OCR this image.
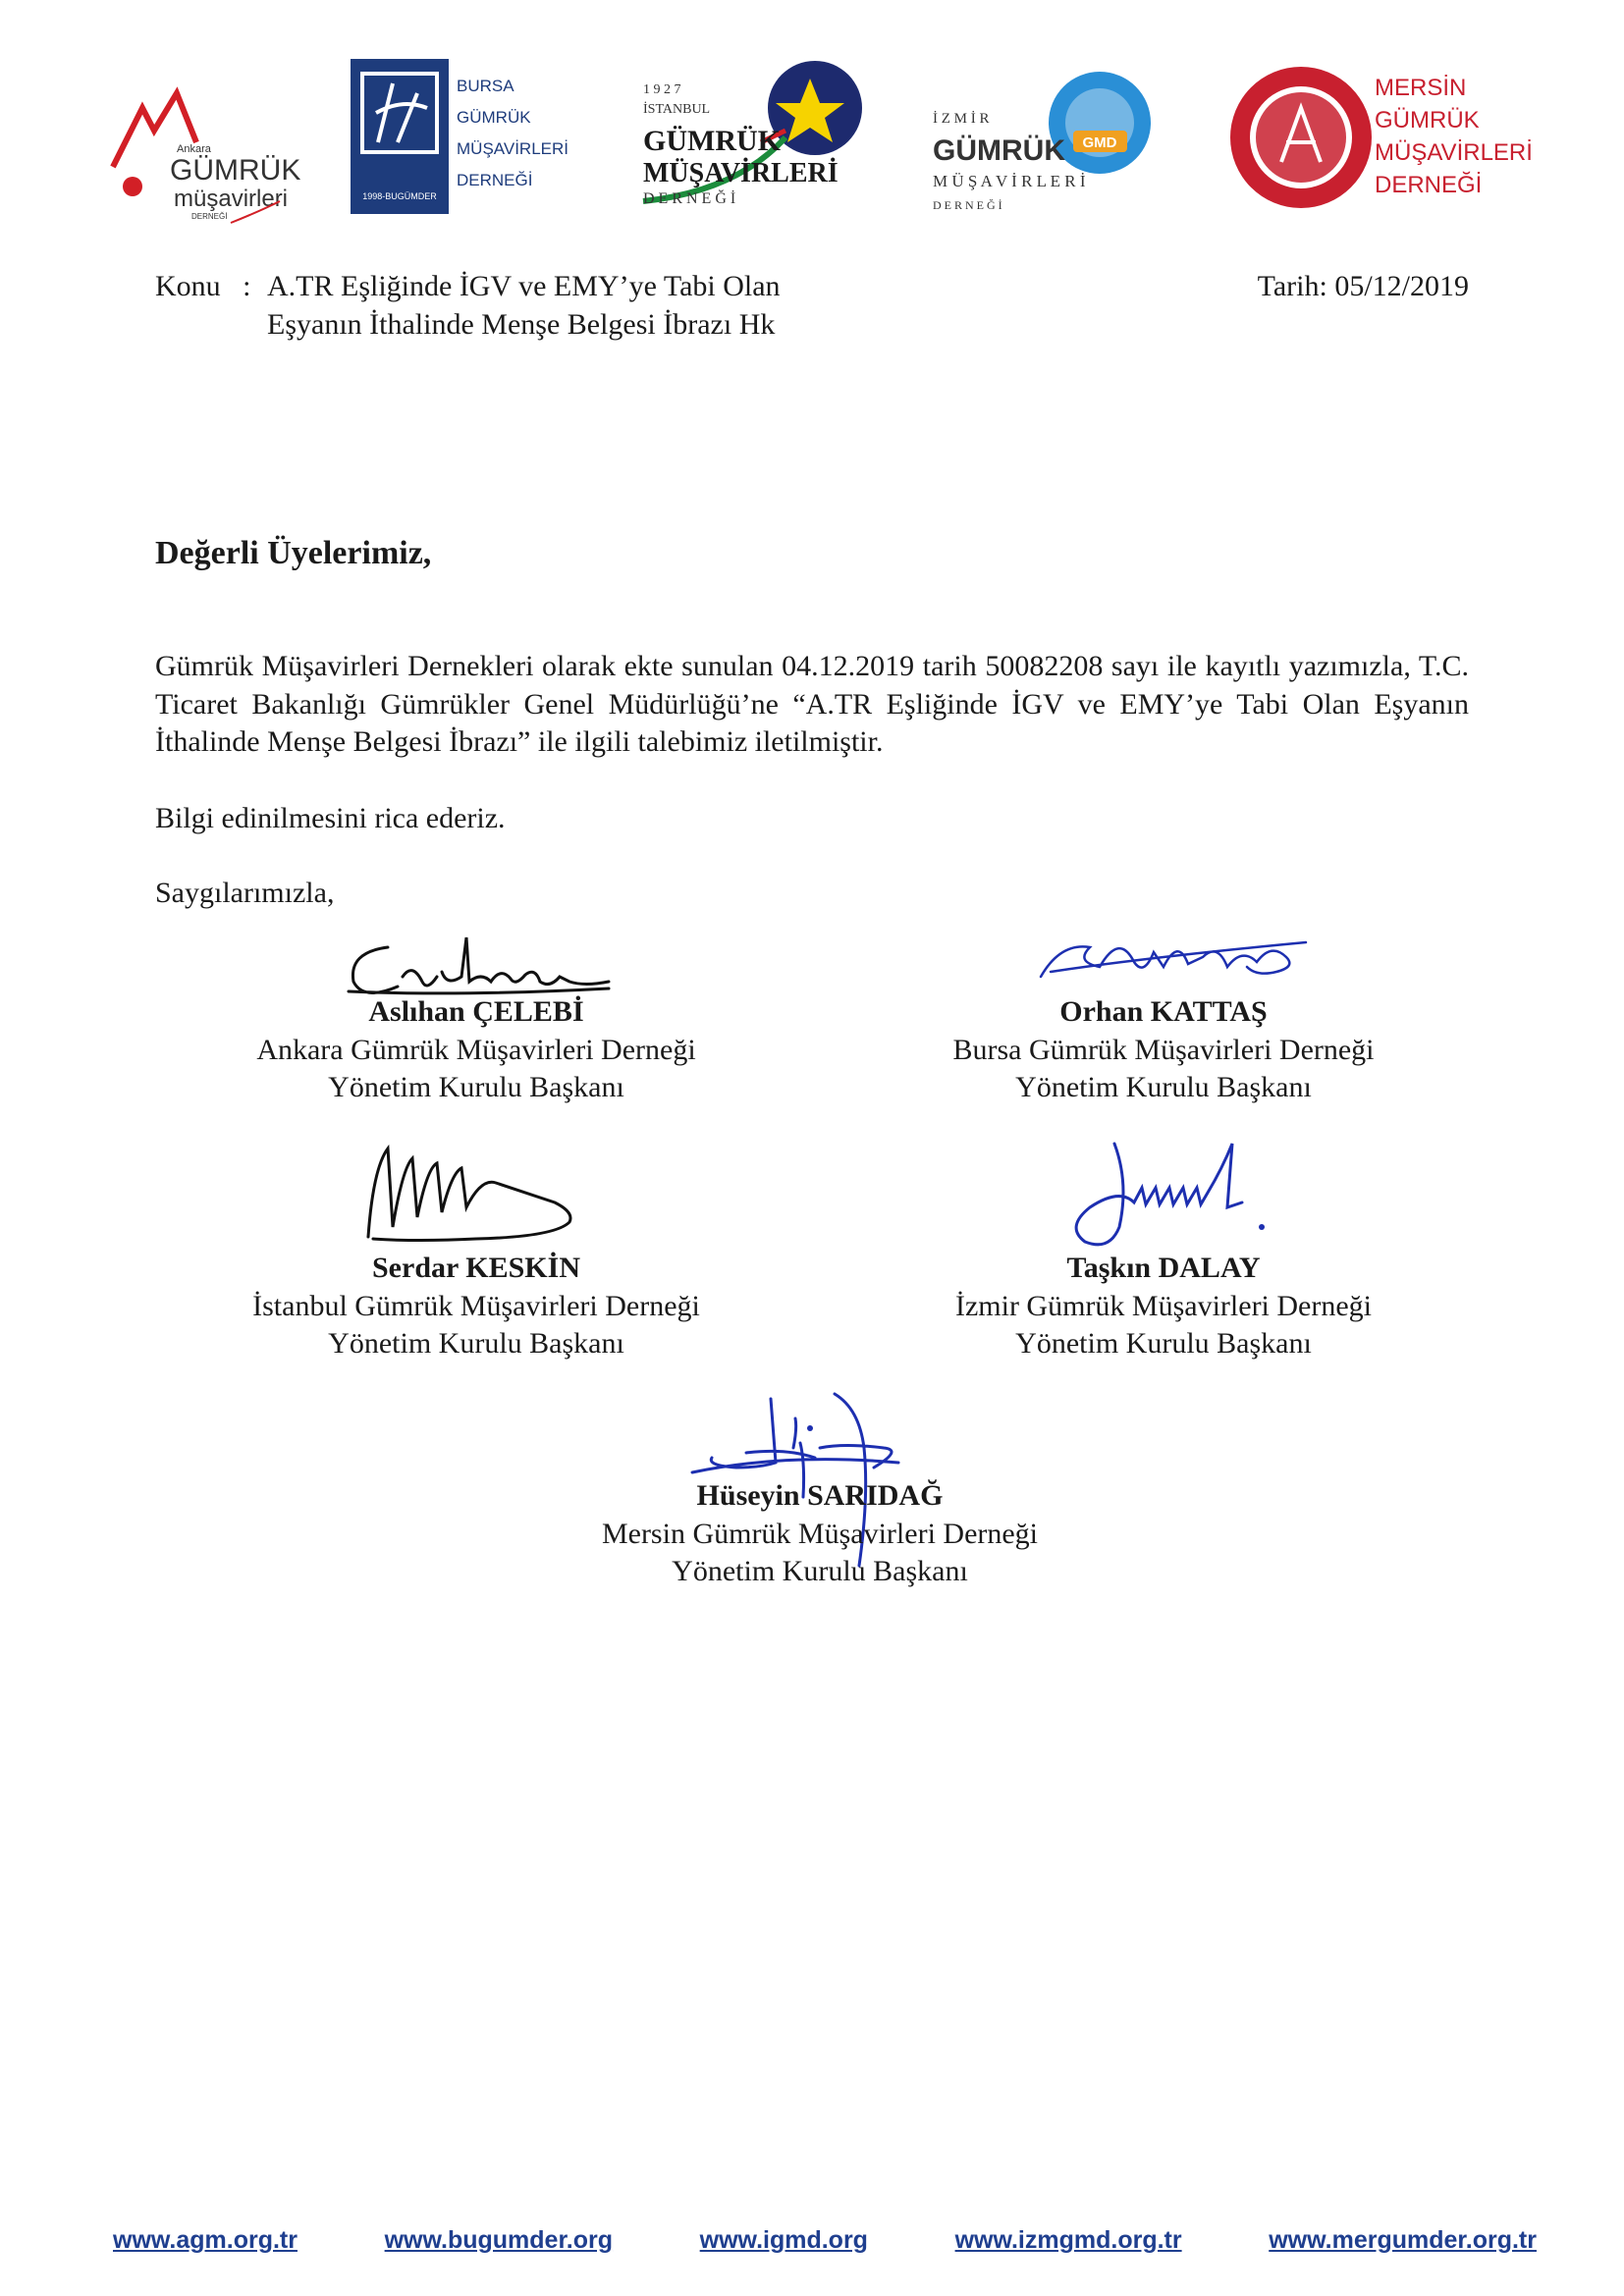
Ankara
GÜMRÜK
müşavirleri
DERNEĞİ
1998-BUGÜMDER
BURSA
GÜMRÜK
MÜŞAVİRLERİ
DERNEĞİ
1 9 2 7
İSTANBUL
GÜMRÜK
MÜŞAVİRLERİ
D E R N E Ğ İ
GMD
İ Z M İ R
GÜMRÜK
M Ü Ş A V İ R L E R İ
D E R N E Ğ İ
MERSİN
GÜMRÜK
MÜŞAVİRLERİ
DERNEĞİ
Konu : A.TR Eşliğinde İGV ve EMY’ye Tabi Olan
Eşyanın İthalinde Menşe Belgesi İbrazı Hk
Tarih: 05/12/2019
Değerli Üyelerimiz,
Gümrük Müşavirleri Dernekleri olarak ekte sunulan 04.12.2019 tarih 50082208 sayı ile kayıtlı yazımızla, T.C. Ticaret Bakanlığı Gümrükler Genel Müdürlüğü’ne “A.TR Eşliğinde İGV ve EMY’ye Tabi Olan Eşyanın İthalinde Menşe Belgesi İbrazı” ile ilgili talebimiz iletilmiştir.
Bilgi edinilmesini rica ederiz.
Saygılarımızla,
Aslıhan ÇELEBİ
Ankara Gümrük Müşavirleri Derneği
Yönetim Kurulu Başkanı
Orhan KATTAŞ
Bursa Gümrük Müşavirleri Derneği
Yönetim Kurulu Başkanı
Serdar KESKİN
İstanbul Gümrük Müşavirleri Derneği
Yönetim Kurulu Başkanı
Taşkın DALAY
İzmir Gümrük Müşavirleri Derneği
Yönetim Kurulu Başkanı
Hüseyin SARIDAĞ
Mersin Gümrük Müşavirleri Derneği
Yönetim Kurulu Başkanı
www.agm.org.tr	www.bugumder.org	www.igmd.org	www.izmgmd.org.tr	www.mergumder.org.tr
